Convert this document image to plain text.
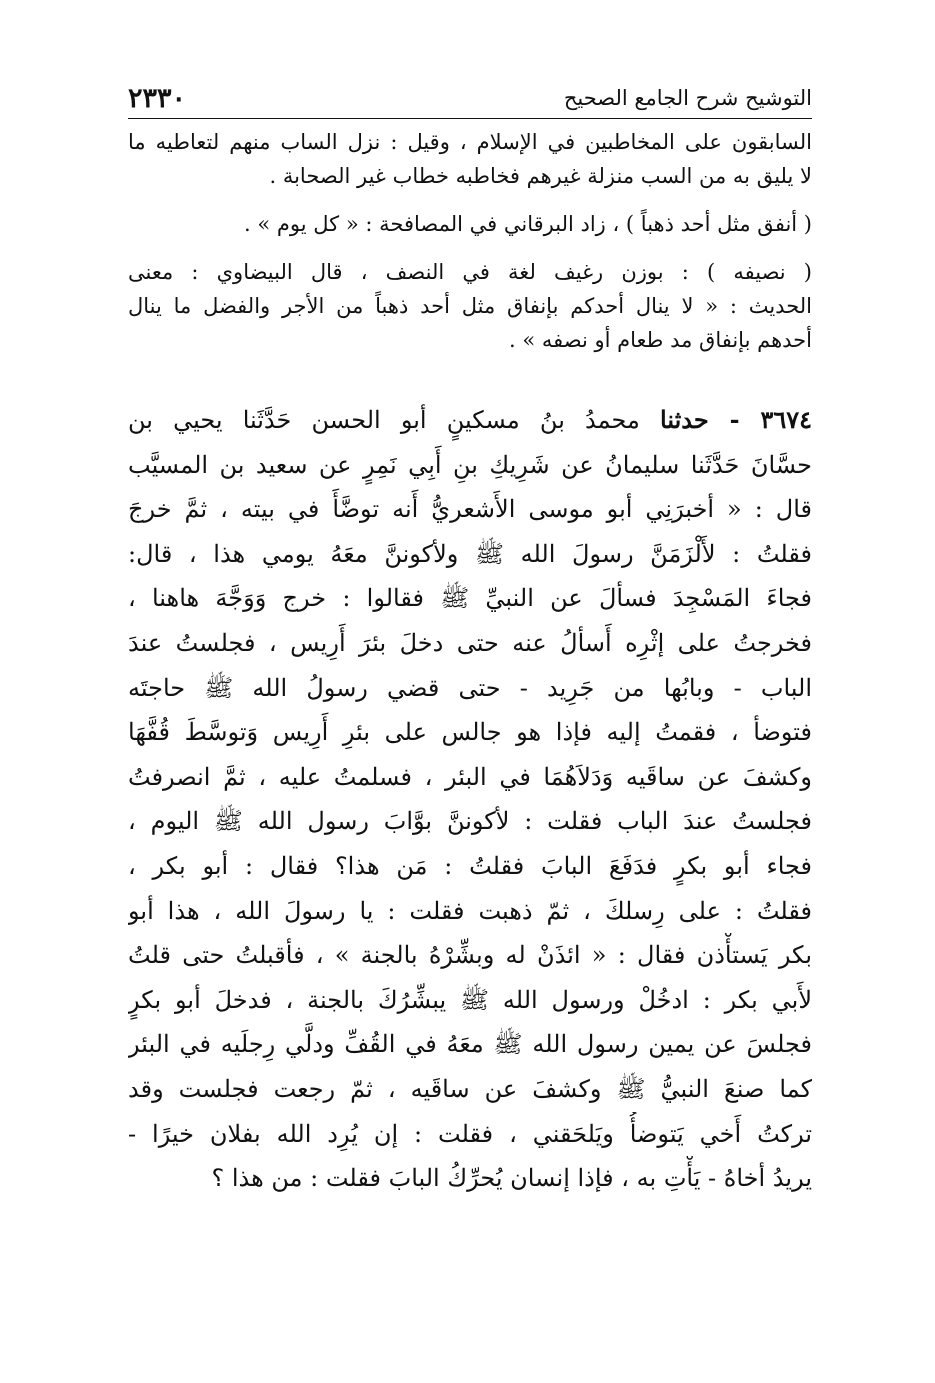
التوشيح شرح الجامع الصحيح
٢٣٣٠
السابقون على المخاطبين في الإسلام ، وقيل : نزل الساب منهم لتعاطيه ما
لا يليق به من السب منزلة غيرهم فخاطبه خطاب غير الصحابة .
( أنفق مثل أحد ذهباً ) ، زاد البرقاني في المصافحة : « كل يوم » .
( نصيفه ) : بوزن رغيف لغة في النصف ، قال البيضاوي : معنى
الحديث : « لا ينال أحدكم بإنفاق مثل أحد ذهباً من الأجر والفضل ما ينال
أحدهم بإنفاق مد طعام أو نصفه » .
٣٦٧٤ - حدثنا محمدُ بنُ مسكينٍ أبو الحسن حَدَّثَنا يحيي بن
حسَّانَ حَدَّثَنا سليمانُ عن شَرِيكِ بنِ أَبِي نَمِرٍ عن سعيد بن المسيَّب
قال : « أخبرَنِي أبو موسى الأَشعريُّ أَنه توضَّأَ في بيته ، ثمَّ خرجَ
فقلتُ : لأَلْزَمَنَّ رسولَ الله ﷺ ولأكوننَّ معَهُ يومي هذا ، قال:
فجاءَ المَسْجِدَ فسألَ عن النبيِّ ﷺ فقالوا : خرج وَوَجَّهَ هاهنا ،
فخرجتُ على إثْرِه أَسألُ عنه حتى دخلَ بئرَ أَرِيس ، فجلستُ عندَ
الباب - وبابُها من جَرِيد - حتى قضي رسولُ الله ﷺ حاجتَه
فتوضأ ، فقمتُ إليه فإذا هو جالس على بئرِ أَرِيس وَتوسَّطَ قُفَّهَا
وكشفَ عن ساقَيه وَدَلاَهُمَا في البئر ، فسلمتُ عليه ، ثمَّ انصرفتُ
فجلستُ عندَ الباب فقلت : لأكوننَّ بوَّابَ رسول الله ﷺ اليوم ،
فجاء أبو بكرٍ فدَفَعَ البابَ فقلتُ : مَن هذا؟ فقال : أبو بكر ،
فقلتُ : على رِسلكَ ، ثمّ ذهبت فقلت : يا رسولَ الله ، هذا أبو
بكر يَستأْذن فقال : « ائذَنْ له وبشِّرْهُ بالجنة » ، فأقبلتُ حتى قلتُ
لأَبي بكر : ادخُلْ ورسول الله ﷺ يبشِّرُكَ بالجنة ، فدخلَ أبو بكرٍ
فجلسَ عن يمين رسول الله ﷺ معَهُ في القُفِّ ودلَّي رِجلَيه في البئر
كما صنعَ النبيُّ ﷺ وكشفَ عن ساقَيه ، ثمّ رجعت فجلست وقد
تركتُ أَخي يَتوضأُ ويَلحَقني ، فقلت : إن يُرِد الله بفلان خيرًا -
يريدُ أخاهُ - يَأْتِ به ، فإذا إنسان يُحرِّكُ البابَ فقلت : من هذا ؟
